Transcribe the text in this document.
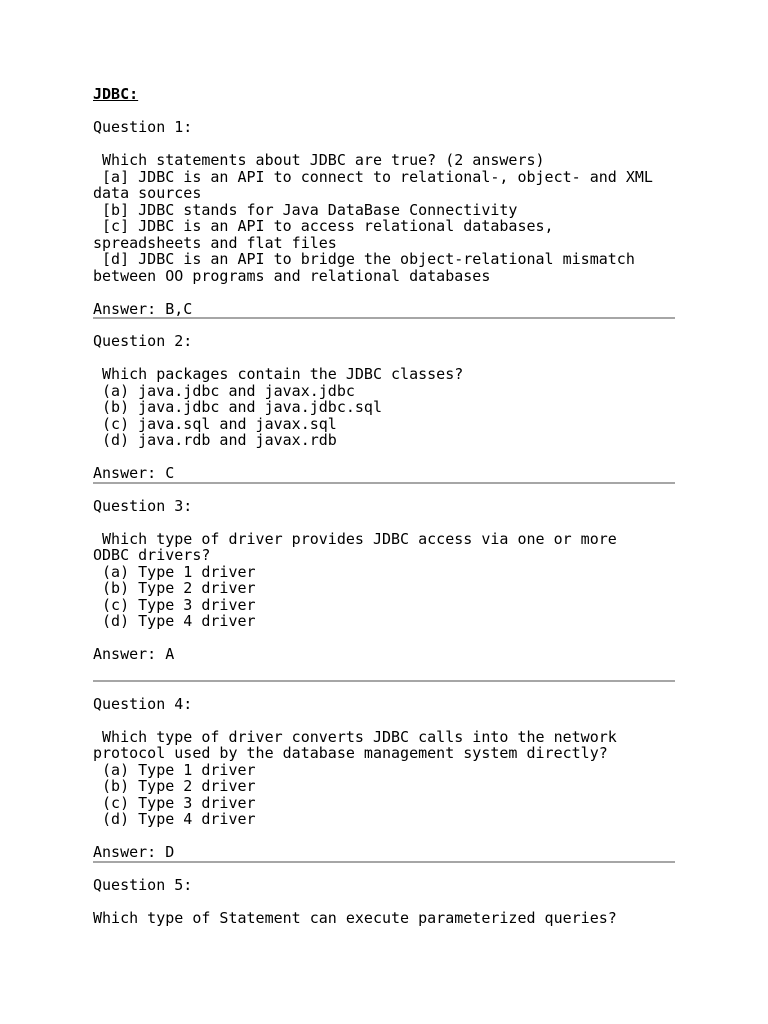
JDBC:
Question 1:
Which statements about JDBC are true? (2 answers)
[a] JDBC is an API to connect to relational-, object- and XML
data sources
[b] JDBC stands for Java DataBase Connectivity
[c] JDBC is an API to access relational databases,
spreadsheets and flat files
[d] JDBC is an API to bridge the object-relational mismatch
between OO programs and relational databases
Answer: B,C
Question 2:
Which packages contain the JDBC classes?
(a) java.jdbc and javax.jdbc
(b) java.jdbc and java.jdbc.sql
(c) java.sql and javax.sql
(d) java.rdb and javax.rdb
Answer: C
Question 3:
Which type of driver provides JDBC access via one or more
ODBC drivers?
(a) Type 1 driver
(b) Type 2 driver
(c) Type 3 driver
(d) Type 4 driver
Answer: A
Question 4:
Which type of driver converts JDBC calls into the network
protocol used by the database management system directly?
(a) Type 1 driver
(b) Type 2 driver
(c) Type 3 driver
(d) Type 4 driver
Answer: D
Question 5:
Which type of Statement can execute parameterized queries?
